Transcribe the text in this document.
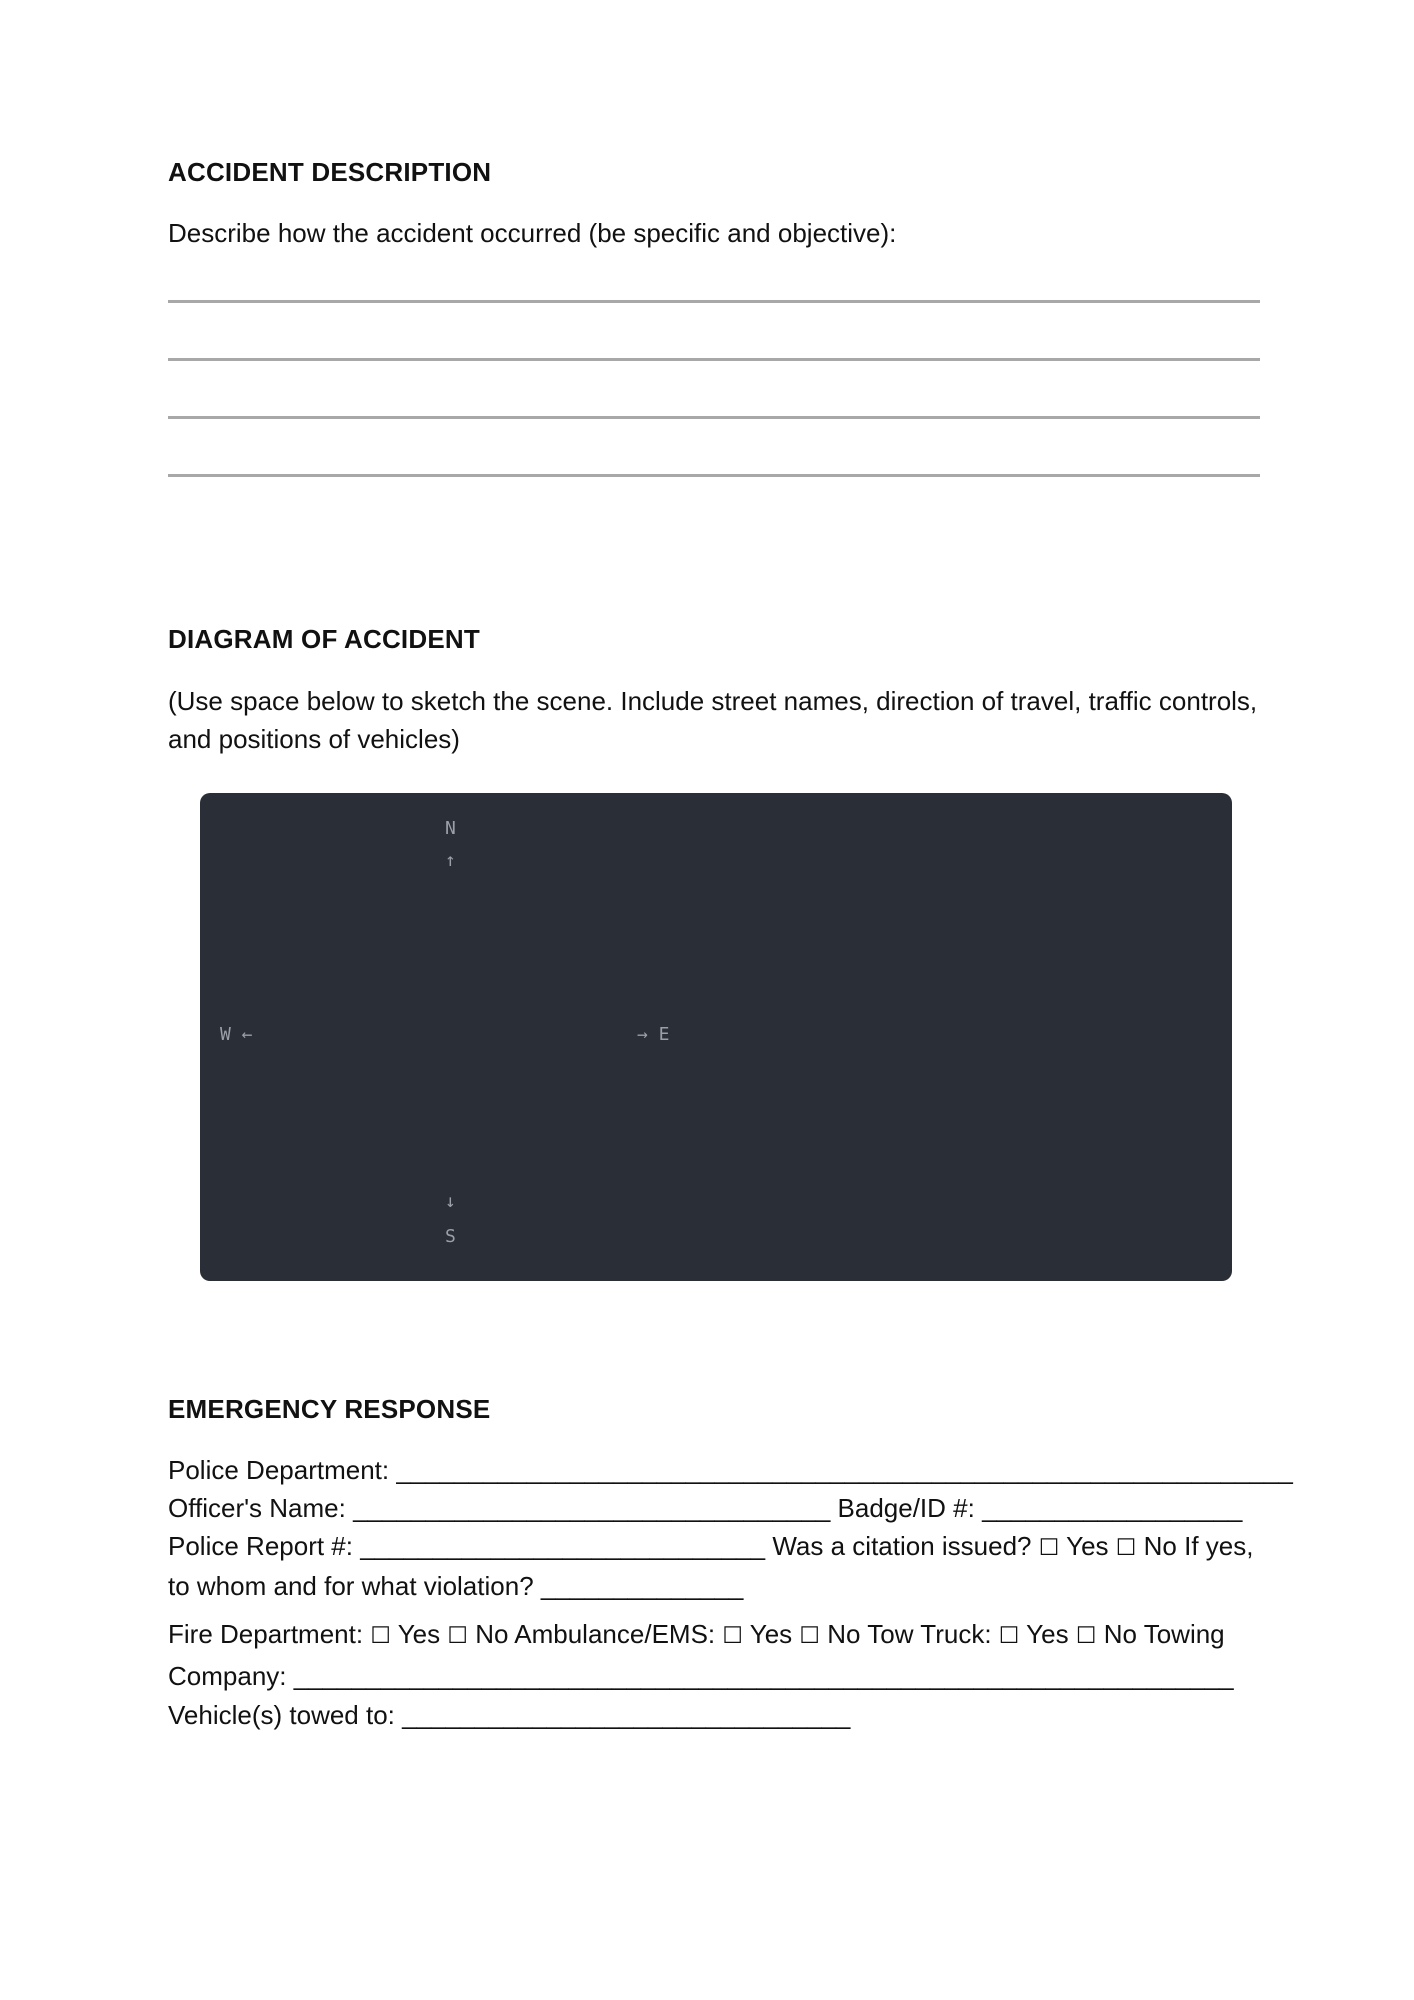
ACCIDENT DESCRIPTION

Describe how the accident occurred (be specific and objective):

DIAGRAM OF ACCIDENT

(Use space below to sketch the scene. Include street names, direction of travel, traffic controls, and positions of vehicles)

N
↑
W ←	→ E
↓
S
EMERGENCY RESPONSE
Police Department: ______________________________________________________________
Officer's Name: _________________________________ Badge/ID #: __________________
Police Report #: ____________________________ Was a citation issued? ☐ Yes ☐ No If yes,
to whom and for what violation? ______________
Fire Department: ☐ Yes ☐ No Ambulance/EMS: ☐ Yes ☐ No Tow Truck: ☐ Yes ☐ No Towing
Company: _________________________________________________________________
Vehicle(s) towed to: _______________________________
